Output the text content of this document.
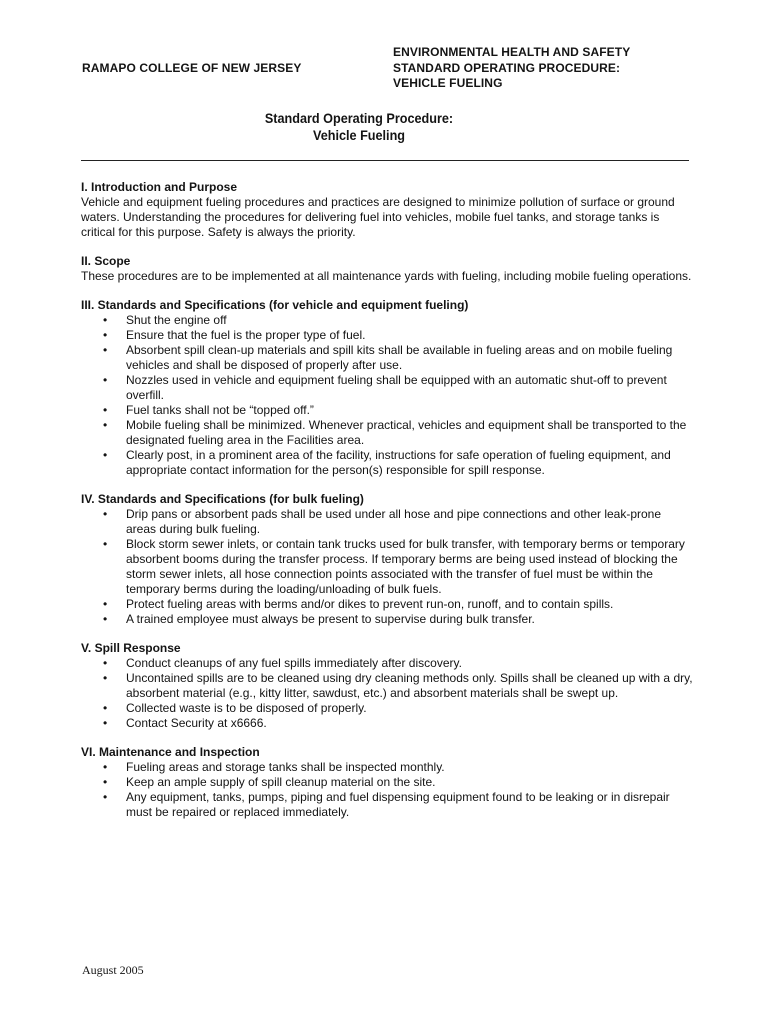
RAMAPO COLLEGE OF NEW JERSEY
ENVIRONMENTAL HEALTH AND SAFETY
STANDARD OPERATING PROCEDURE:
VEHICLE FUELING
Standard Operating Procedure:
Vehicle Fueling
I. Introduction and Purpose
Vehicle and equipment fueling procedures and practices are designed to minimize pollution of surface or ground waters. Understanding the procedures for delivering fuel into vehicles, mobile fuel tanks, and storage tanks is critical for this purpose. Safety is always the priority.
II. Scope
These procedures are to be implemented at all maintenance yards with fueling, including mobile fueling operations.
III. Standards and Specifications (for vehicle and equipment fueling)
• Shut the engine off
• Ensure that the fuel is the proper type of fuel.
• Absorbent spill clean-up materials and spill kits shall be available in fueling areas and on mobile fueling vehicles and shall be disposed of properly after use.
• Nozzles used in vehicle and equipment fueling shall be equipped with an automatic shut-off to prevent overfill.
• Fuel tanks shall not be “topped off.”
• Mobile fueling shall be minimized. Whenever practical, vehicles and equipment shall be transported to the designated fueling area in the Facilities area.
• Clearly post, in a prominent area of the facility, instructions for safe operation of fueling equipment, and appropriate contact information for the person(s) responsible for spill response.
IV. Standards and Specifications (for bulk fueling)
• Drip pans or absorbent pads shall be used under all hose and pipe connections and other leak-prone areas during bulk fueling.
• Block storm sewer inlets, or contain tank trucks used for bulk transfer, with temporary berms or temporary absorbent booms during the transfer process. If temporary berms are being used instead of blocking the storm sewer inlets, all hose connection points associated with the transfer of fuel must be within the temporary berms during the loading/unloading of bulk fuels.
• Protect fueling areas with berms and/or dikes to prevent run-on, runoff, and to contain spills.
• A trained employee must always be present to supervise during bulk transfer.
V. Spill Response
• Conduct cleanups of any fuel spills immediately after discovery.
• Uncontained spills are to be cleaned using dry cleaning methods only. Spills shall be cleaned up with a dry, absorbent material (e.g., kitty litter, sawdust, etc.) and absorbent materials shall be swept up.
• Collected waste is to be disposed of properly.
• Contact Security at x6666.
VI. Maintenance and Inspection
• Fueling areas and storage tanks shall be inspected monthly.
• Keep an ample supply of spill cleanup material on the site.
• Any equipment, tanks, pumps, piping and fuel dispensing equipment found to be leaking or in disrepair must be repaired or replaced immediately.
August 2005
